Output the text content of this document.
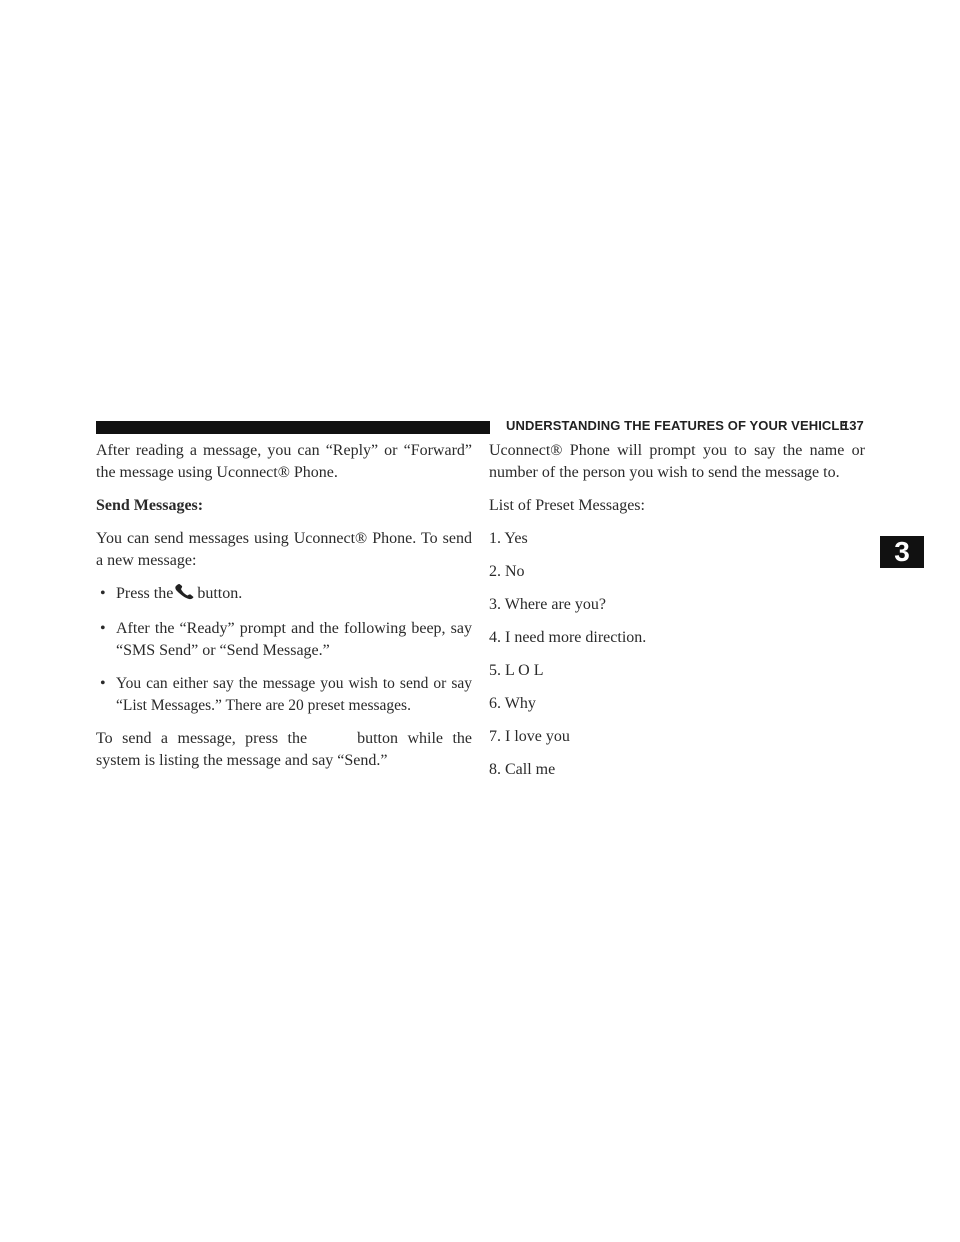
UNDERSTANDING THE FEATURES OF YOUR VEHICLE
137
3

After reading a message, you can “Reply” or “Forward” the message using Uconnect® Phone.

Send Messages:

You can send messages using Uconnect® Phone. To send a new message:

• Press the button.
• After the “Ready” prompt and the following beep, say “SMS Send” or “Send Message.”
• You can either say the message you wish to send or say “List Messages.” There are 20 preset messages.

To send a message, press the	button while the system is listing the message and say “Send.”

Uconnect® Phone will prompt you to say the name or number of the person you wish to send the message to.

List of Preset Messages:

1. Yes

2. No

3. Where are you?

4. I need more direction.

5. L O L

6. Why

7. I love you

8. Call me
